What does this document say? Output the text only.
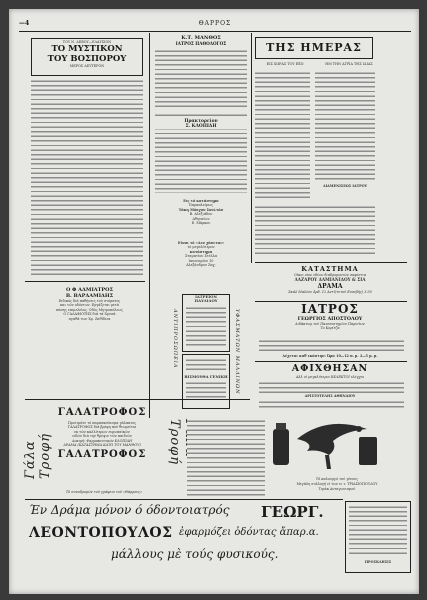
—4	ΘΑΡΡΟΣ
ΤΟΥ Ν. ΔΕΒΟΥ—ΕΛΑΥΣΙΟΝ
ΤΟ ΜΥΣΤΙΚΟΝ
ΤΟΥ ΒΟΣΠΟΡΟΥ
ΜΕΡΟΣ ΔΕΥΤΕΡΟΝ
Ο Φ ΑΔΜΙΑΤΡΟΣ
Β. ΒΑΡΔΑΜΙΔΗΣ
Ειδικός διά παθήσεις τού στόματος
και τών οδόντων. Εργάζεται μετά
πάσης επιμελείας. Οδός Μητροπόλεως
Ο ΓΑΛΑΦΙΟΤΗΣ διά τά Χρυσά
αγαθά των Χρ. Ζαθίδεια
Κ.Τ. ΜΑΝΘΟΣ
ΙΑΤΡΟΣ ΠΑΘΟΛΟΓΟΣ
Πρακτορείον
Σ. ΚΛΟΠΙΔΗ
Εις τό κατάστημα
Παραπλεύρως
Τάκη Μόσχου Σουλτάν
Β. Αλεξιάδου
Αθηναίων
Ε. Μάρκου
Είναι τό «Δεν χάνεται»
τό μεγαλύτερον
κατάστημα
Σταματίου Στέλλα
Ιανουαρίου 10
Αλεξάνδρου Ζαχ.
ΙΑΤΡΕΙΟΝ ΠΑΥΛΙΔΟΥ
ΒΙΣΜΟΥΘΑ ΓΕΝΙΚΗ
ΑΝΤΙΠΡΟΣΩΠΕΙΑ	ΥΦΑΣΜΑΤΩΝ ΜΑΛΛΙΝΩΝ
ΤΗΣ ΗΜΕΡΑΣ
ΕΙΣ ΧΩΡΑΣ ΤΟΥ ΕΞΩ	ΗΜ ΤΗΝ ΑΓΡΙΑ ΤΗΣ ΙΔΙΑΣ
ΔΙΑΜΕΝΙΣΕΩΣ ΙΑΤΡΟΥ
ΚΑΤΑΣΤΗΜΑ
Οίκοι οίον εδίων διαδρομοσιών σαφίστια
ΛΑΖΑΡΟΥ ΔΑΜΙΑΝΙΔΟΥ & ΣΙΑ
ΔΡΑΜΑ
Σκάλ Μαλέου Άρδ. 12 Αντί(τυτού Ευσεβής) 3:30
ΙΑΤΡΟΣ
ΓΕΩΡΓΙΟΣ ΑΠΟΣΤΟΛΟΥ
Διδάκτωρ τού Πανεπιστημίου Παρισίων
Το Κορίτζα
Δέχεται καθ εκάστην: Ώρα 10—12 π. μ. 3—5 μ. μ.
ΑΦΙΧΘΗΣΑΝ
Αλλ οί μεγαλύτεροι ΕΚΛΕΚΤΟΙ ελέγχοι
ΑΡΙΣΤΟΤΕΛΗΣ ΑΘΗΝΑΙΟΥ
Τό καλουργό τού γένους
Μεγάλη συλλογή εί των ει τ. ΤΡΙΑΣΙΟΠΟΥΛΟΥ
Τιμάκ Ανταγωνισμού
ΠΡΟΣΚΛΗΣΙΣ
ΓΑΛΑΤΡΟΦΟΣ
Προτιμάτε τό παρασκεύασμα γάλακτος
ΓΑΛΑΤΡΟΦΟΣ διά βρέφη πού θεωρείται
εκ τών καλλίτερων ευρωπαϊκών
ειδών διά την θρέψιν τών παιδιών
Δοκιμή: Φαρμακευτικόν ΚΛΟΠΙΔΗ
ΔΡΑΜΑ (ΚΑΤΑΣΤΗΜΑ ΚΑΤΩ ΤΟΥ ΜΑΝΘΟΥ)
ΓΑΛΑΤΡΟΦΟΣ
Γάλα Τροφή	Τροφή
Τό συνοδρομών τού γράφειο τού «Θάρρους»
Έν Δράμα μόνον ό όδοντοιατρός ΓΕΩΡΓ.
ΛΕΟΝΤΟΠΟΥΛΟΣ ἐφαρμόζει ὀδόντας ἄπαρ.α.
μάλλους μὲ τούς φυσικούς.
